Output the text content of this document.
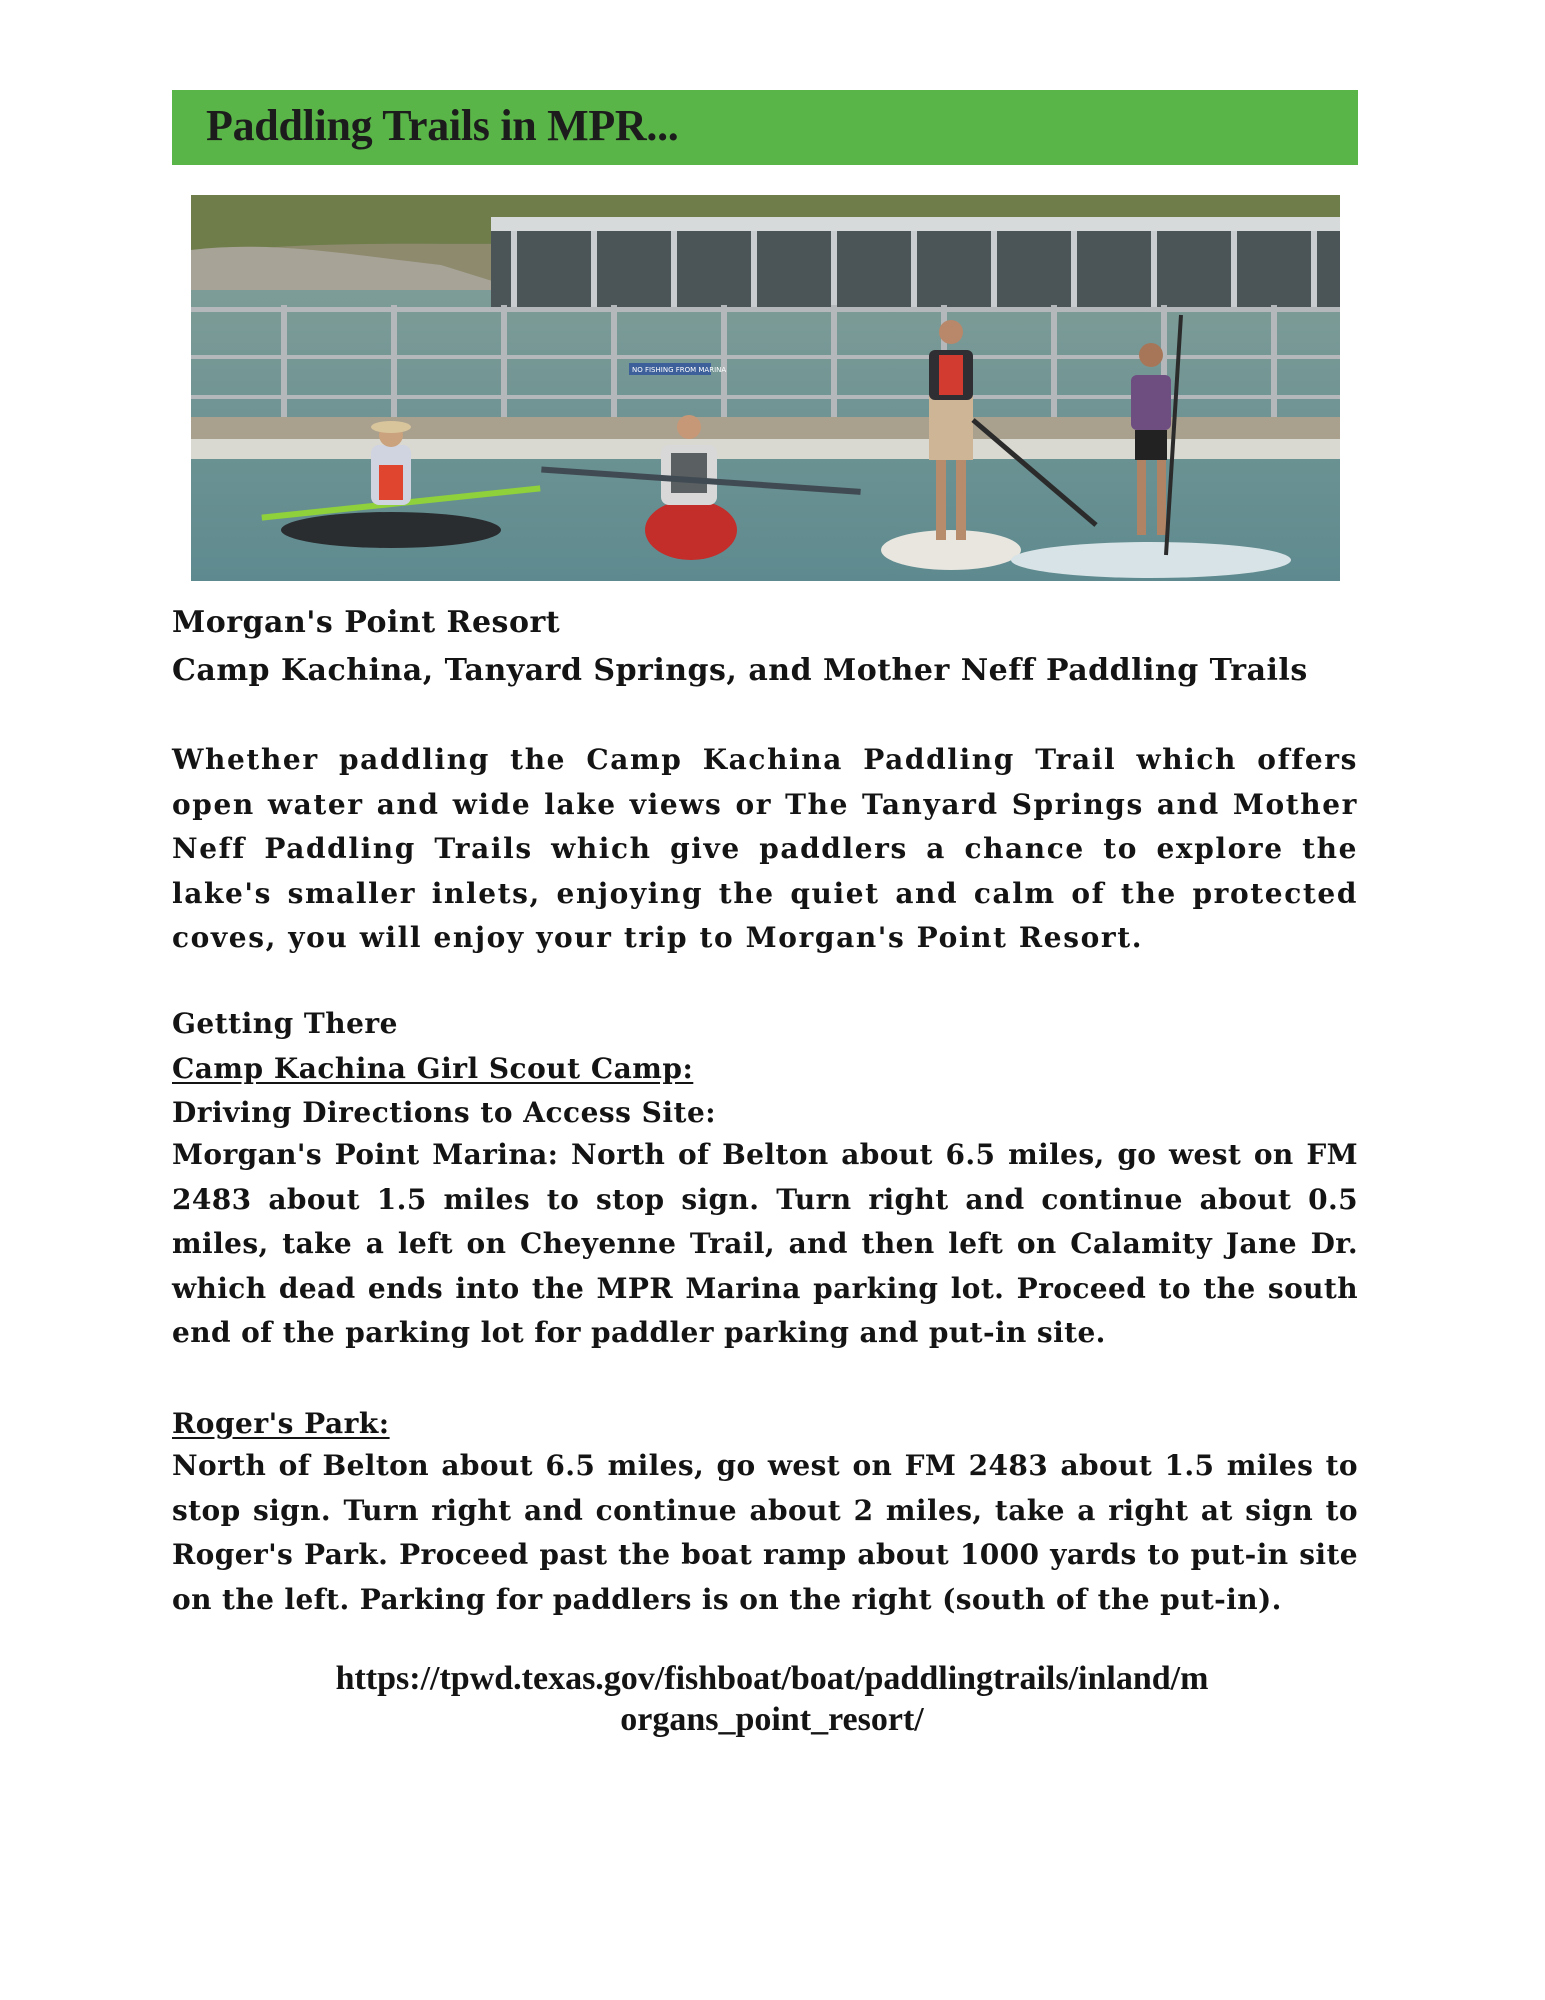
Paddling Trails in MPR...
NO FISHING FROM MARINA
Morgan's Point Resort
Camp Kachina, Tanyard Springs, and Mother Neff Paddling Trails
Whether paddling the Camp Kachina Paddling Trail which offers open water and wide lake views or The Tanyard Springs and Mother Neff Paddling Trails which give paddlers a chance to explore the lake's smaller inlets, enjoying the quiet and calm of the protected coves, you will enjoy your trip to Morgan's Point Resort.
Getting There
Camp Kachina Girl Scout Camp:
Driving Directions to Access Site:
Morgan's Point Marina: North of Belton about 6.5 miles, go west on FM 2483 about 1.5 miles to stop sign. Turn right and continue about 0.5 miles, take a left on Cheyenne Trail, and then left on Calamity Jane Dr. which dead ends into the MPR Marina parking lot. Proceed to the south end of the parking lot for paddler parking and put-in site.
Roger's Park:
North of Belton about 6.5 miles, go west on FM 2483 about 1.5 miles to stop sign. Turn right and continue about 2 miles, take a right at sign to Roger's Park. Proceed past the boat ramp about 1000 yards to put-in site on the left. Parking for paddlers is on the right (south of the put-in).
https://tpwd.texas.gov/fishboat/boat/paddlingtrails/inland/m
organs_point_resort/
